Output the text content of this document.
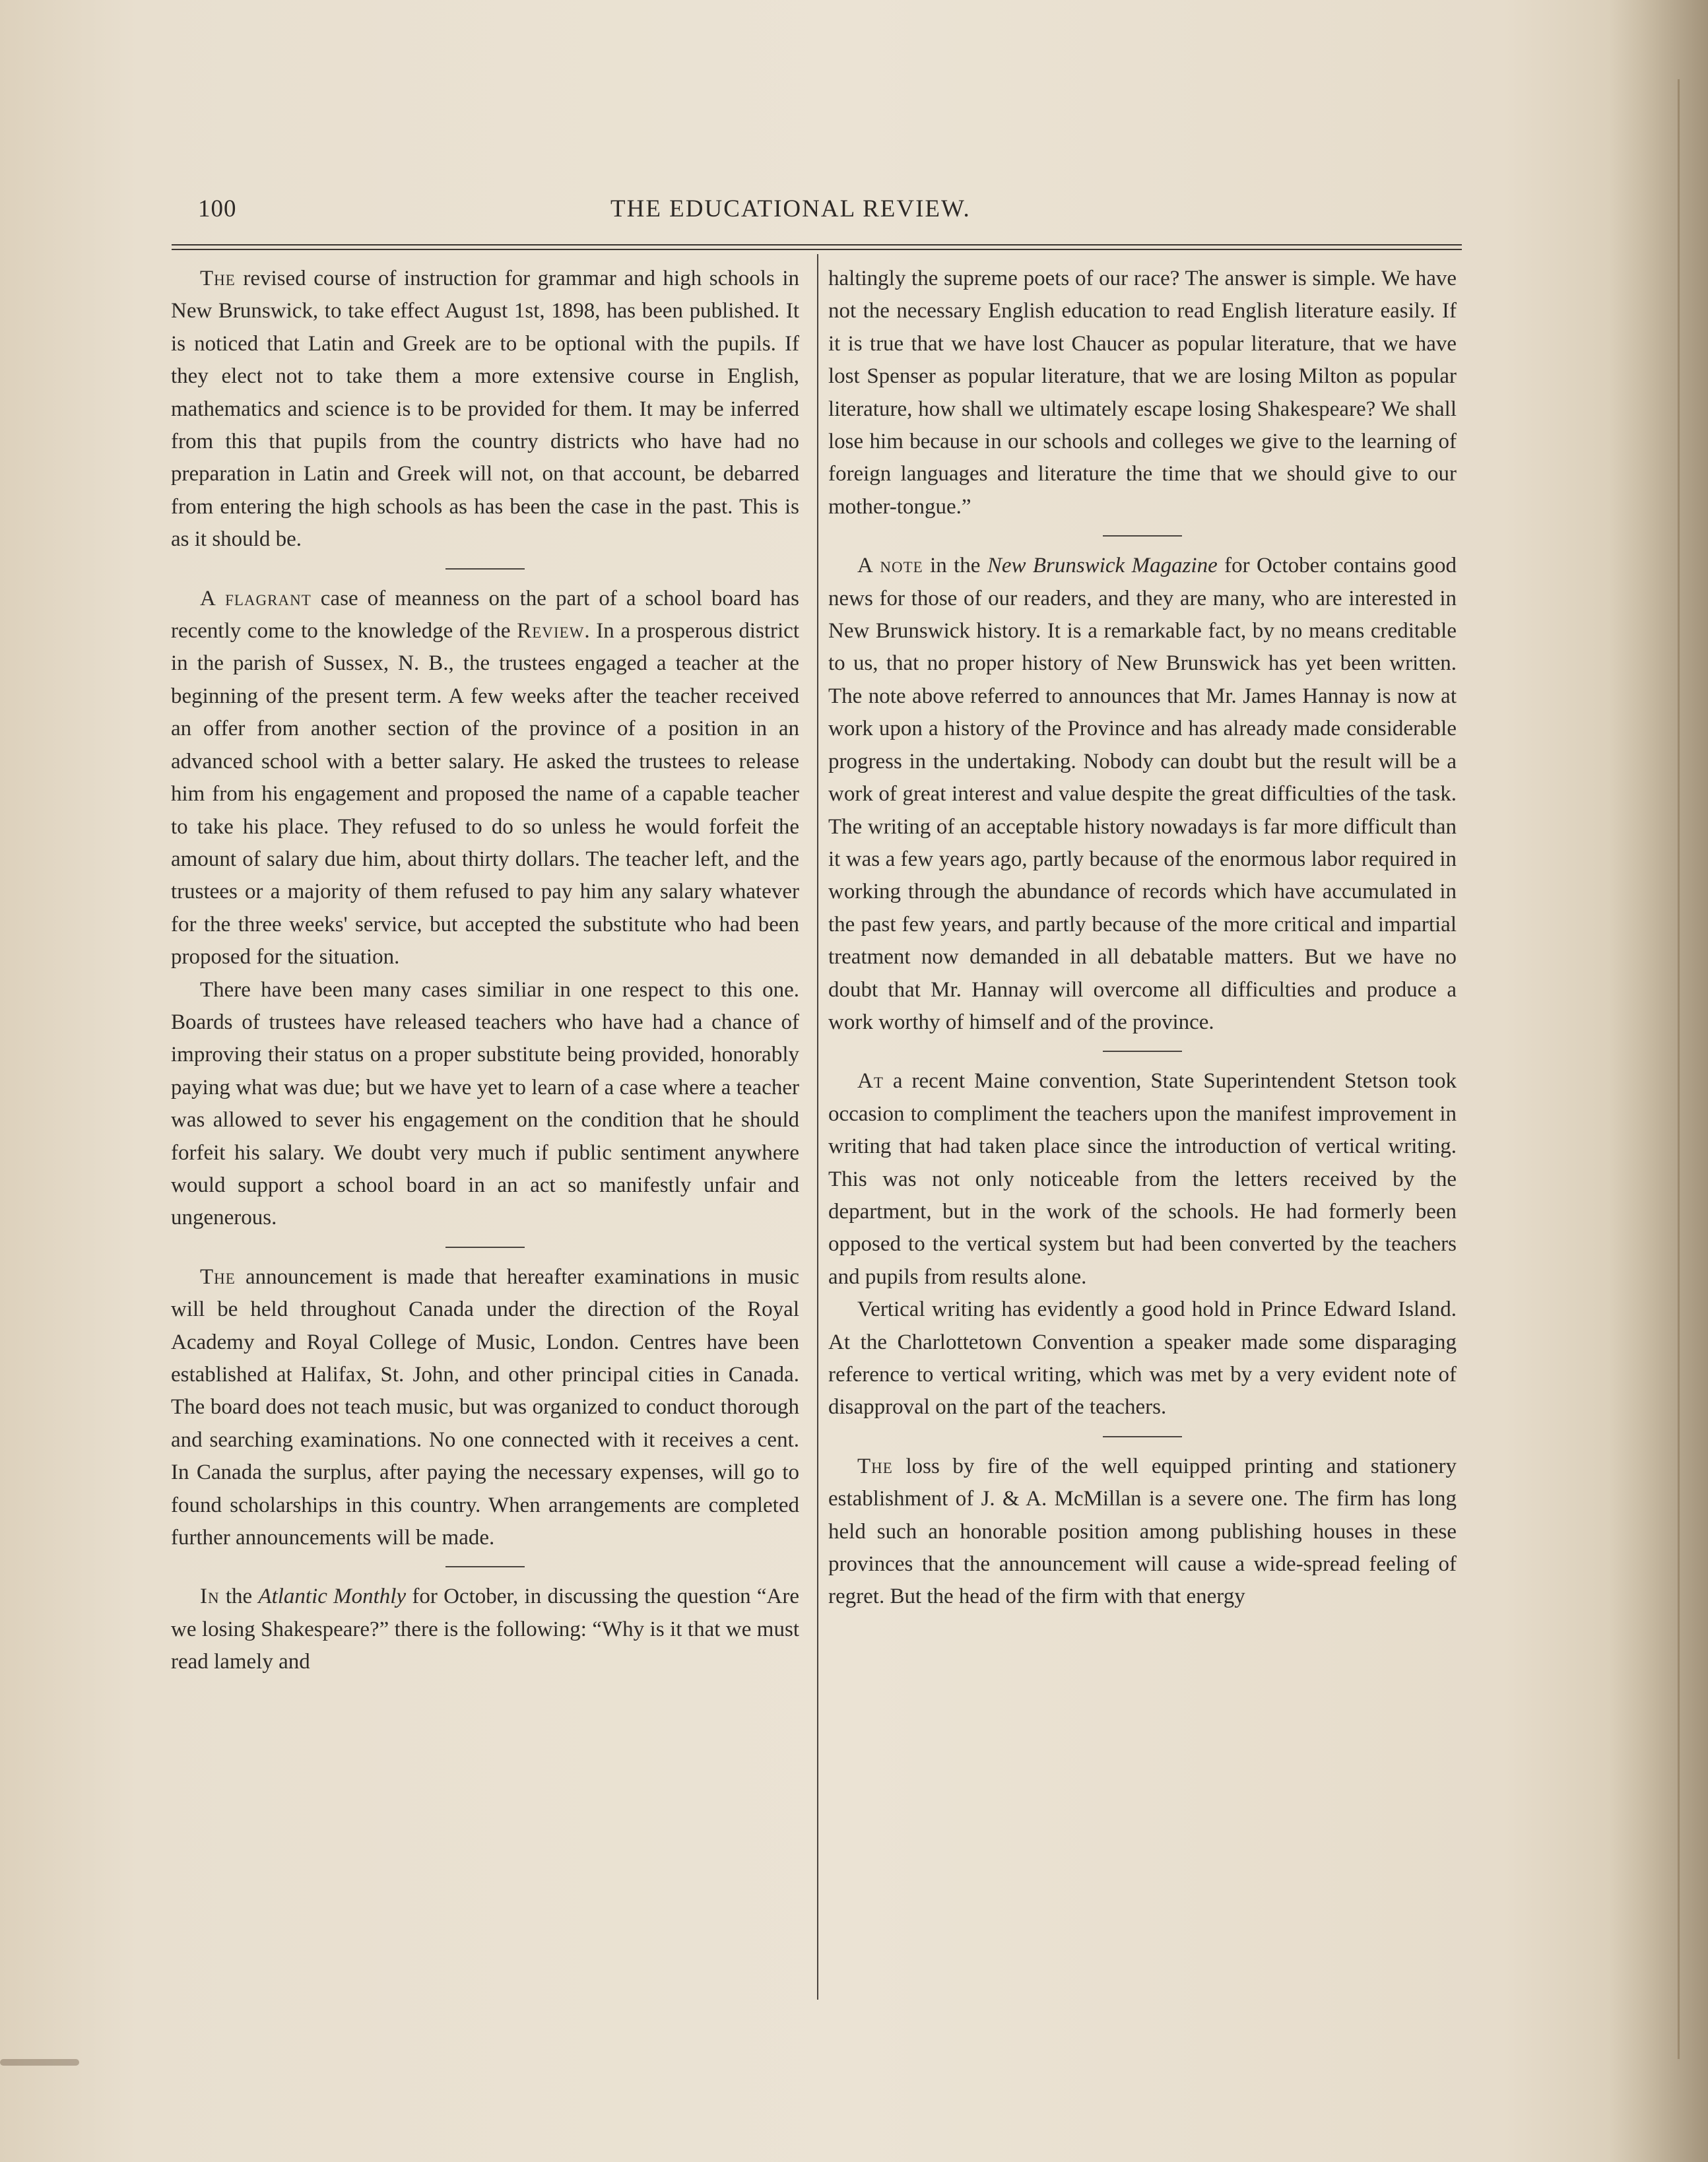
100	THE EDUCATIONAL REVIEW.

The revised course of instruction for grammar and high schools in New Brunswick, to take effect August 1st, 1898, has been published. It is noticed that Latin and Greek are to be optional with the pupils. If they elect not to take them a more extensive course in English, mathematics and science is to be provided for them. It may be inferred from this that pupils from the country districts who have had no preparation in Latin and Greek will not, on that account, be debarred from entering the high schools as has been the case in the past. This is as it should be.

A flagrant case of meanness on the part of a school board has recently come to the knowledge of the Review. In a prosperous district in the parish of Sussex, N. B., the trustees engaged a teacher at the beginning of the present term. A few weeks after the teacher received an offer from another section of the province of a position in an advanced school with a better salary. He asked the trustees to release him from his engagement and proposed the name of a capable teacher to take his place. They refused to do so unless he would forfeit the amount of salary due him, about thirty dollars. The teacher left, and the trustees or a majority of them refused to pay him any salary whatever for the three weeks' service, but accepted the substitute who had been proposed for the situation.

There have been many cases similiar in one respect to this one. Boards of trustees have released teachers who have had a chance of improving their status on a proper substitute being provided, honorably paying what was due; but we have yet to learn of a case where a teacher was allowed to sever his engagement on the condition that he should forfeit his salary. We doubt very much if public sentiment anywhere would support a school board in an act so manifestly unfair and ungenerous.

The announcement is made that hereafter examinations in music will be held throughout Canada under the direction of the Royal Academy and Royal College of Music, London. Centres have been established at Halifax, St. John, and other principal cities in Canada. The board does not teach music, but was organized to conduct thorough and searching examinations. No one connected with it receives a cent. In Canada the surplus, after paying the necessary expenses, will go to found scholarships in this country. When arrangements are completed further announcements will be made.

In the Atlantic Monthly for October, in discussing the question “Are we losing Shakespeare?” there is the following: “Why is it that we must read lamely and

haltingly the supreme poets of our race? The answer is simple. We have not the necessary English education to read English literature easily. If it is true that we have lost Chaucer as popular literature, that we have lost Spenser as popular literature, that we are losing Milton as popular literature, how shall we ultimately escape losing Shakespeare? We shall lose him because in our schools and colleges we give to the learning of foreign languages and literature the time that we should give to our mother-tongue.”

A note in the New Brunswick Magazine for October contains good news for those of our readers, and they are many, who are interested in New Brunswick history. It is a remarkable fact, by no means creditable to us, that no proper history of New Brunswick has yet been written. The note above referred to announces that Mr. James Hannay is now at work upon a history of the Province and has already made considerable progress in the undertaking. Nobody can doubt but the result will be a work of great interest and value despite the great difficulties of the task. The writing of an acceptable history nowadays is far more difficult than it was a few years ago, partly because of the enormous labor required in working through the abundance of records which have accumulated in the past few years, and partly because of the more critical and impartial treatment now demanded in all debatable matters. But we have no doubt that Mr. Hannay will overcome all difficulties and produce a work worthy of himself and of the province.

At a recent Maine convention, State Superintendent Stetson took occasion to compliment the teachers upon the manifest improvement in writing that had taken place since the introduction of vertical writing. This was not only noticeable from the letters received by the department, but in the work of the schools. He had formerly been opposed to the vertical system but had been converted by the teachers and pupils from results alone.

Vertical writing has evidently a good hold in Prince Edward Island. At the Charlottetown Convention a speaker made some disparaging reference to vertical writing, which was met by a very evident note of disapproval on the part of the teachers.

The loss by fire of the well equipped printing and stationery establishment of J. & A. McMillan is a severe one. The firm has long held such an honorable position among publishing houses in these provinces that the announcement will cause a wide-spread feeling of regret. But the head of the firm with that energy
